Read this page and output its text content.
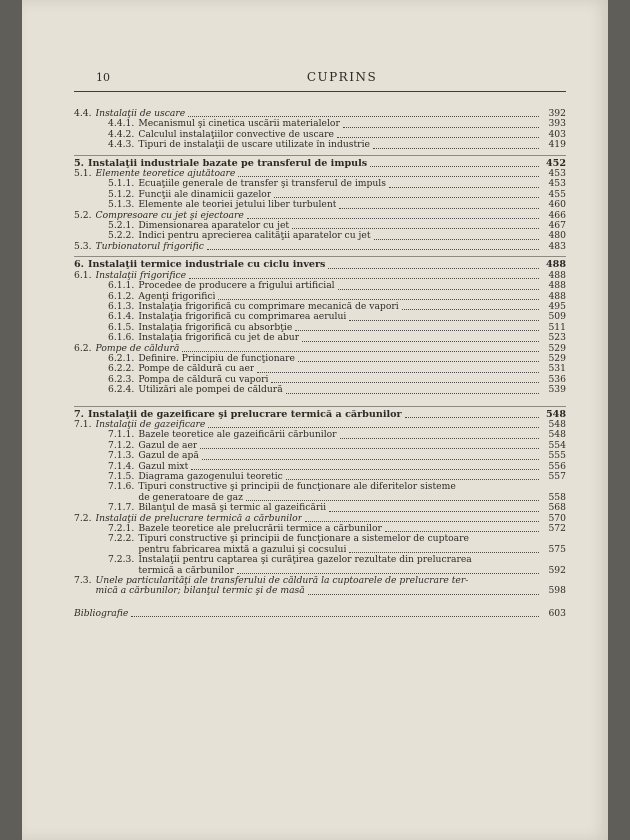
10	CUPRINS
4.4. Instalaţii de uscare	392
4.4.1. Mecanismul şi cinetica uscării materialelor	393
4.4.2. Calculul instalaţiilor convective de uscare	403
4.4.3. Tipuri de instalaţii de uscare utilizate în industrie	419
5. Instalaţii industriale bazate pe transferul de impuls	452
5.1. Elemente teoretice ajutătoare	453
5.1.1. Ecuaţiile generale de transfer şi transferul de impuls	453
5.1.2. Funcţii ale dinamicii gazelor	455
5.1.3. Elemente ale teoriei jetului liber turbulent	460
5.2. Compresoare cu jet şi ejectoare	466
5.2.1. Dimensionarea aparatelor cu jet	467
5.2.2. Indici pentru aprecierea calităţii aparatelor cu jet	480
5.3. Turbionatorul frigorific	483
6. Instalaţii termice industriale cu ciclu invers	488
6.1. Instalaţii frigorifice	488
6.1.1. Procedee de producere a frigului artificial	488
6.1.2. Agenţi frigorifici	488
6.1.3. Instalaţia frigorifică cu comprimare mecanică de vapori	495
6.1.4. Instalaţia frigorifică cu comprimarea aerului	509
6.1.5. Instalaţia frigorifică cu absorbţie	511
6.1.6. Instalaţia frigorifică cu jet de abur	523
6.2. Pompe de căldură	529
6.2.1. Definire. Principiu de funcţionare	529
6.2.2. Pompe de căldură cu aer	531
6.2.3. Pompa de căldură cu vapori	536
6.2.4. Utilizări ale pompei de căldură	539
7. Instalaţii de gazeificare şi prelucrare termică a cărbunilor	548
7.1. Instalaţii de gazeificare	548
7.1.1. Bazele teoretice ale gazeificării cărbunilor	548
7.1.2. Gazul de aer	554
7.1.3. Gazul de apă	555
7.1.4. Gazul mixt	556
7.1.5. Diagrama gazogenului teoretic	557
7.1.6. Tipuri constructive şi principii de funcţionare ale diferitelor sisteme
de generatoare de gaz	558
7.1.7. Bilanţul de masă şi termic al gazeificării	568
7.2. Instalaţii de prelucrare termică a cărbunilor	570
7.2.1. Bazele teoretice ale prelucrării termice a cărbunilor	572
7.2.2. Tipuri constructive şi principii de funcţionare a sistemelor de cuptoare
pentru fabricarea mixtă a gazului şi cocsului	575
7.2.3. Instalaţii pentru captarea şi curăţirea gazelor rezultate din prelucrarea
termică a cărbunilor	592
7.3. Unele particularităţi ale transferului de căldură la cuptoarele de prelucrare ter-
mică a cărbunilor; bilanţul termic şi de masă	598
Bibliografie	603
